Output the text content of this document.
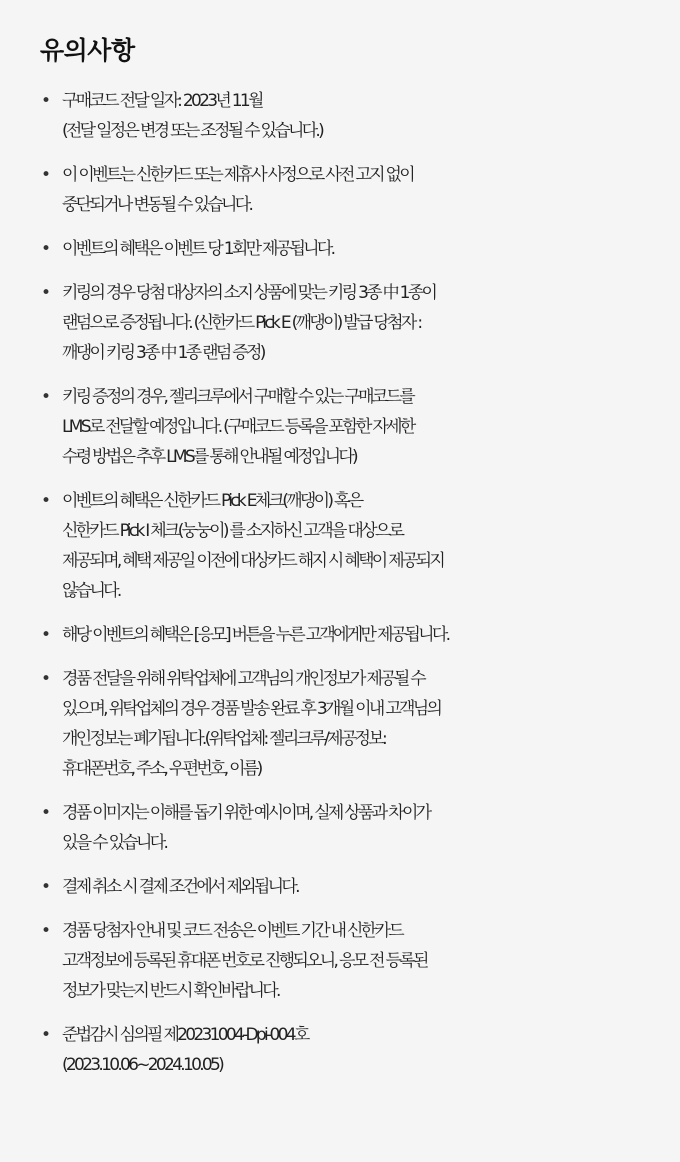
유의사항
• 구매코드 전달 일자: 2023년 11월
(전달 일정은 변경 또는 조정될 수 있습니다.)
• 이 이벤트는 신한카드 또는 제휴사 사정으로 사전 고지 없이
중단되거나 변동될 수 있습니다.
• 이벤트의 혜택은 이벤트 당 1회만 제공됩니다.
• 키링의 경우 당첨 대상자의 소지 상품에 맞는 키링 3종 中 1종이
랜덤으로 증정됩니다. (신한카드 Pick E (깨댕이) 발급 당첨자 :
깨댕이 키링 3종 中 1종 랜덤 증정)
• 키링 증정의 경우, 젤리크루에서 구매할 수 있는 구매코드를
LMS로 전달할 예정입니다. (구매코드 등록을 포함한 자세한
수령 방법은 추후 LMS를 통해 안내될 예정입니다)
• 이벤트의 혜택은 신한카드 Pick E체크(깨댕이) 혹은
신한카드 Pick I 체크(눙눙이) 를 소지하신 고객을 대상으로
제공되며, 혜택 제공일 이전에 대상카드 해지 시 혜택이 제공되지
않습니다.
• 해당 이벤트의 혜택은 [응모] 버튼을 누른 고객에게만 제공됩니다.
• 경품 전달을 위해 위탁업체에 고객님의 개인정보가 제공될 수
있으며, 위탁업체의 경우 경품 발송 완료 후 3개월 이내 고객님의
개인정보는 폐기됩니다.(위탁업체: 젤리크루/제공정보:
휴대폰번호, 주소, 우편번호, 이름)
• 경품 이미지는 이해를 돕기 위한 예시이며, 실제 상품과 차이가
있을 수 있습니다.
• 결제 취소 시 결제 조건에서 제외됩니다.
• 경품 당첨자 안내 및 코드 전송은 이벤트 기간 내 신한카드
고객정보에 등록된 휴대폰 번호로 진행되오니, 응모 전 등록된
정보가 맞는지 반드시 확인바랍니다.
• 준법감시 심의필 제20231004-Dpi-004호
(2023.10.06~2024.10.05)
